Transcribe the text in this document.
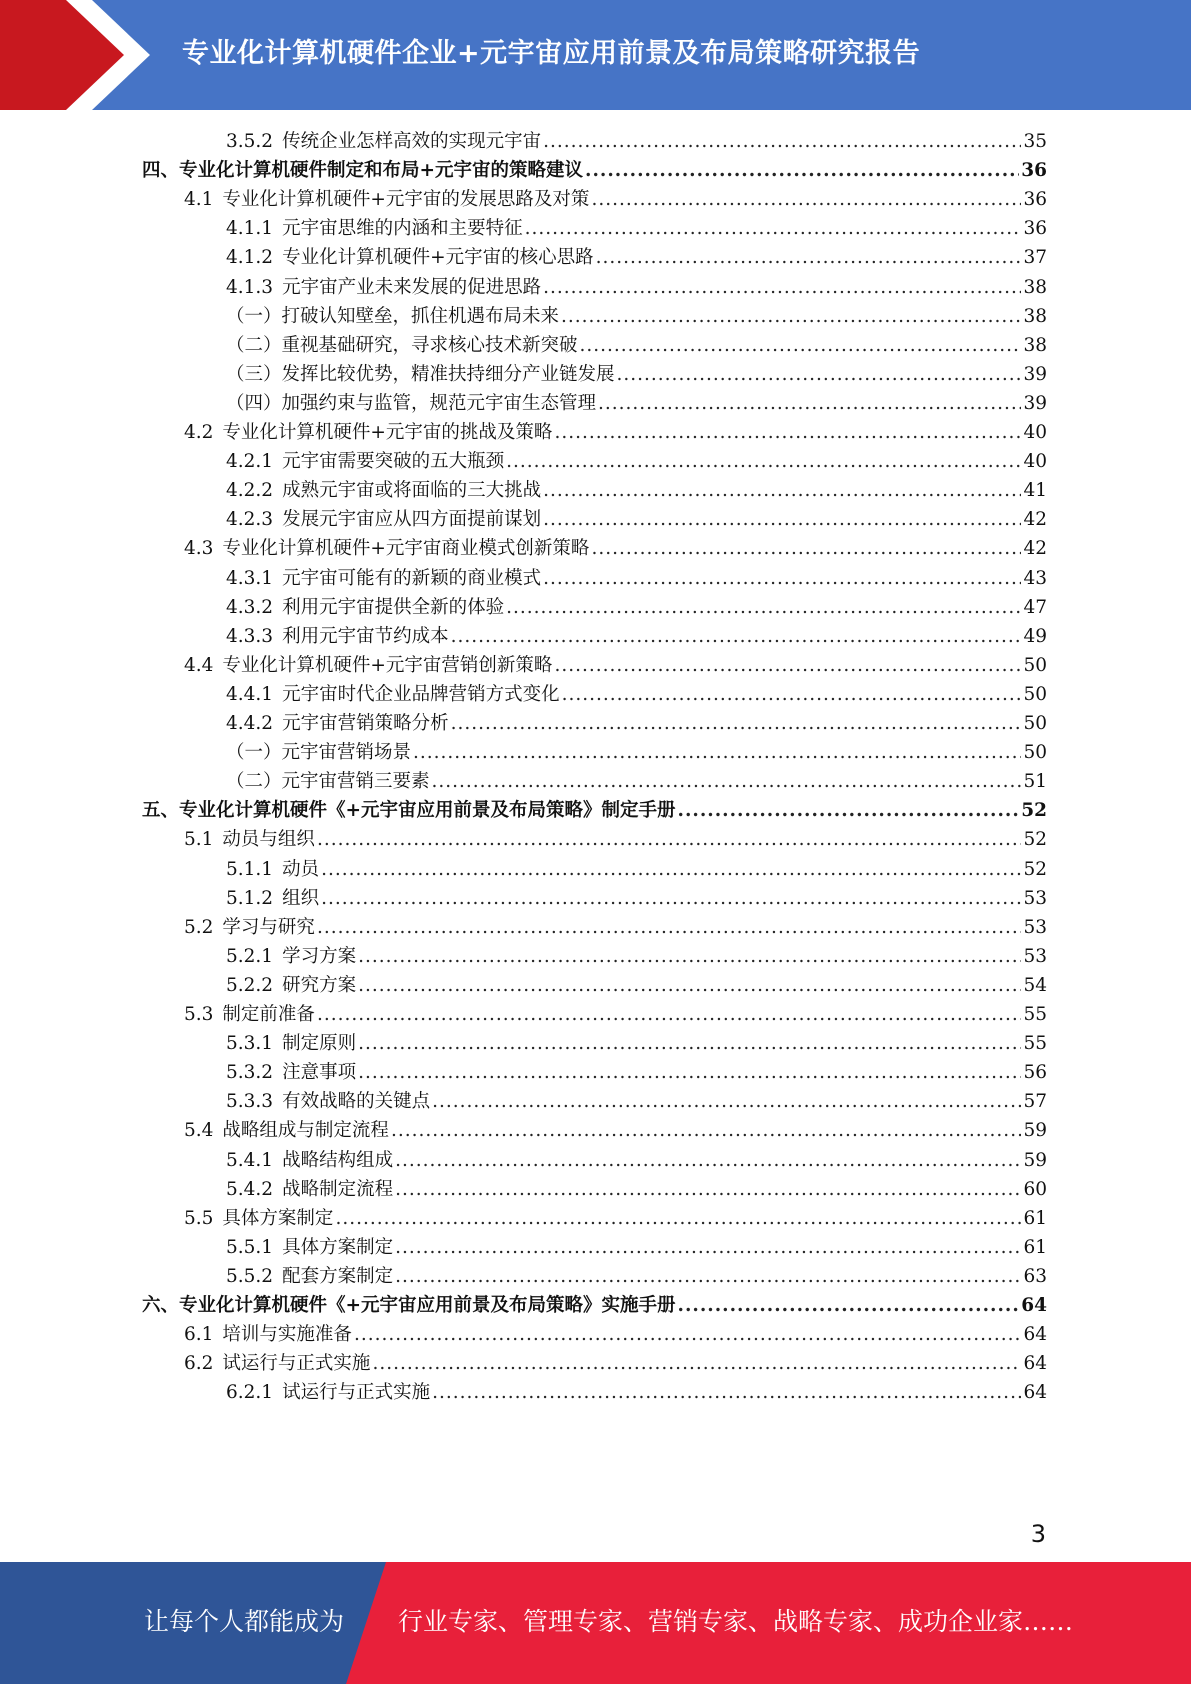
专业化计算机硬件企业+元宇宙应用前景及布局策略研究报告
3.5.2 传统企业怎样高效的实现元宇宙 .....	35
四、专业化计算机硬件制定和布局+元宇宙的策略建议 .....	36
4.1 专业化计算机硬件+元宇宙的发展思路及对策 .....	36
4.1.1 元宇宙思维的内涵和主要特征 .....	36
4.1.2 专业化计算机硬件+元宇宙的核心思路 .....	37
4.1.3 元宇宙产业未来发展的促进思路 .....	38
（一）打破认知壁垒，抓住机遇布局未来 .....	38
（二）重视基础研究，寻求核心技术新突破 .....	38
（三）发挥比较优势，精准扶持细分产业链发展 .....	39
（四）加强约束与监管，规范元宇宙生态管理 .....	39
4.2 专业化计算机硬件+元宇宙的挑战及策略 .....	40
4.2.1 元宇宙需要突破的五大瓶颈 .....	40
4.2.2 成熟元宇宙或将面临的三大挑战 .....	41
4.2.3 发展元宇宙应从四方面提前谋划 .....	42
4.3 专业化计算机硬件+元宇宙商业模式创新策略 .....	42
4.3.1 元宇宙可能有的新颖的商业模式 .....	43
4.3.2 利用元宇宙提供全新的体验 .....	47
4.3.3 利用元宇宙节约成本 .....	49
4.4 专业化计算机硬件+元宇宙营销创新策略 .....	50
4.4.1 元宇宙时代企业品牌营销方式变化 .....	50
4.4.2 元宇宙营销策略分析 .....	50
（一）元宇宙营销场景 .....	50
（二）元宇宙营销三要素 .....	51
五、专业化计算机硬件《+元宇宙应用前景及布局策略》制定手册 .....	52
5.1 动员与组织 .....	52
5.1.1 动员 .....	52
5.1.2 组织 .....	53
5.2 学习与研究 .....	53
5.2.1 学习方案 .....	53
5.2.2 研究方案 .....	54
5.3 制定前准备 .....	55
5.3.1 制定原则 .....	55
5.3.2 注意事项 .....	56
5.3.3 有效战略的关键点 .....	57
5.4 战略组成与制定流程 .....	59
5.4.1 战略结构组成 .....	59
5.4.2 战略制定流程 .....	60
5.5 具体方案制定 .....	61
5.5.1 具体方案制定 .....	61
5.5.2 配套方案制定 .....	63
六、专业化计算机硬件《+元宇宙应用前景及布局策略》实施手册 .....	64
6.1 培训与实施准备 .....	64
6.2 试运行与正式实施 .....	64
6.2.1 试运行与正式实施 .....	64
3
让每个人都能成为 行业专家、管理专家、营销专家、战略专家、成功企业家……
